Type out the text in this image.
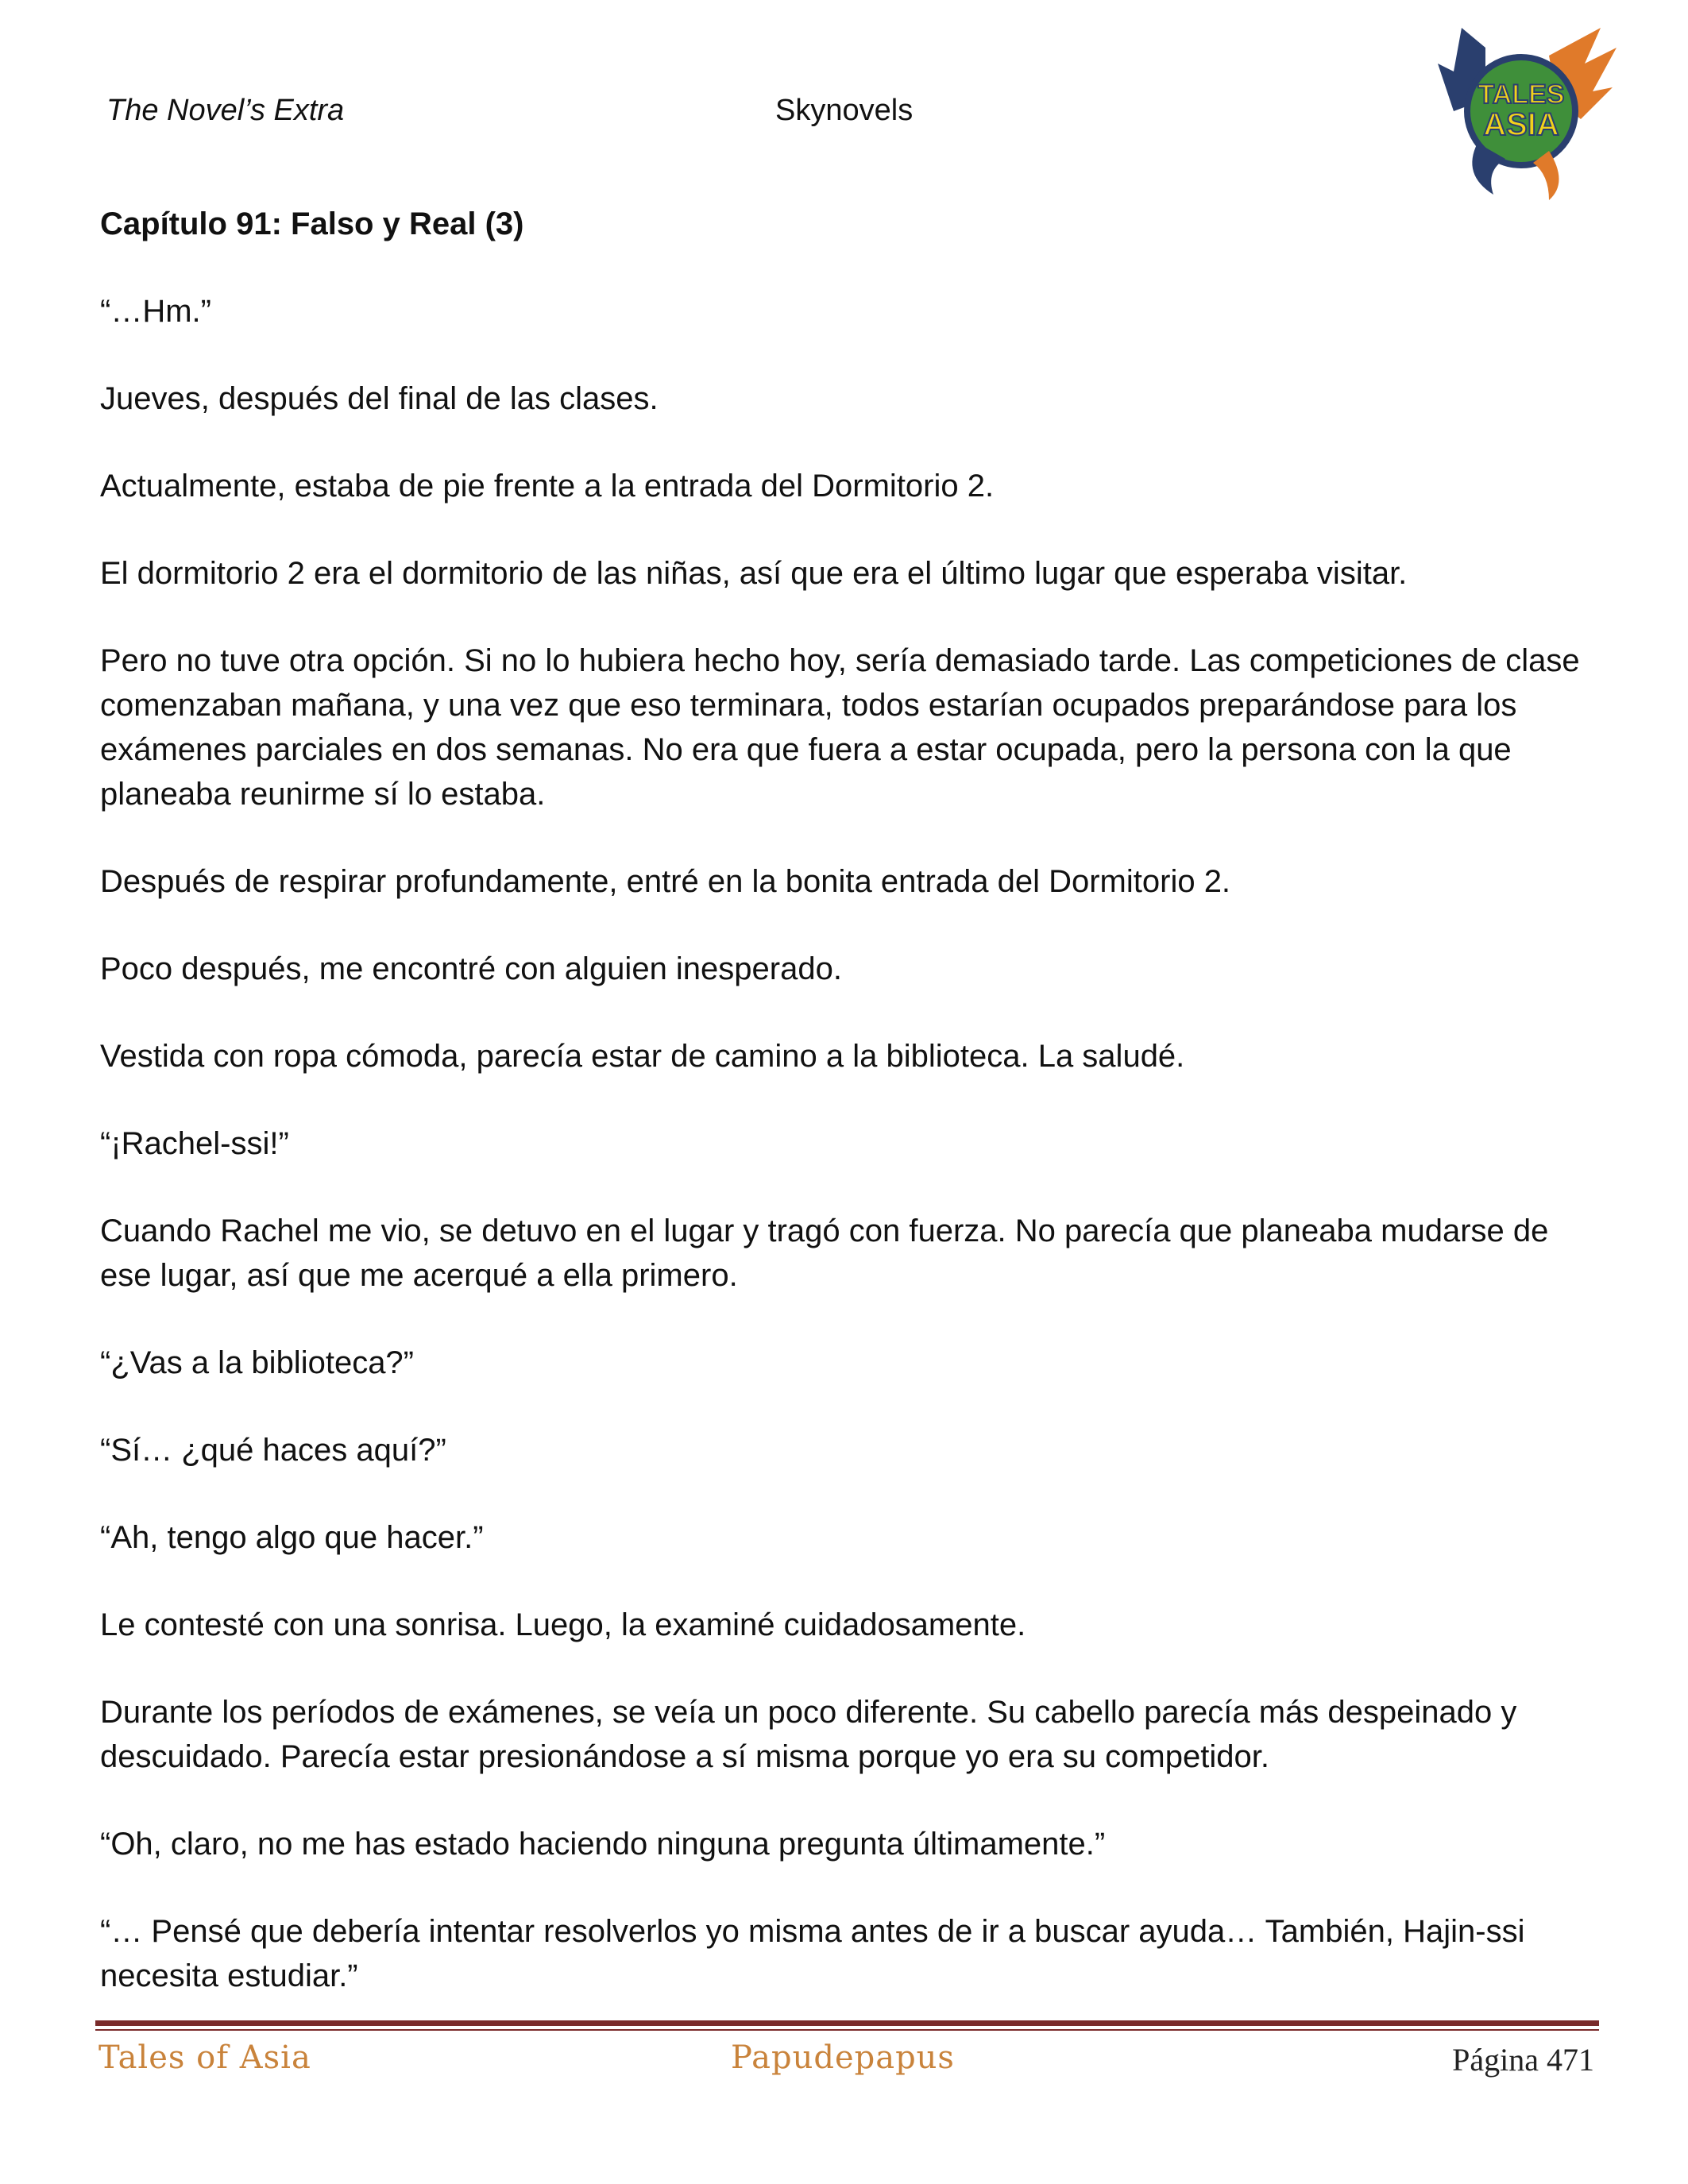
The Novel’s Extra	Skynovels	TALES
ASIA

Capítulo 91: Falso y Real (3)

“…Hm.”

Jueves, después del final de las clases.

Actualmente, estaba de pie frente a la entrada del Dormitorio 2.

El dormitorio 2 era el dormitorio de las niñas, así que era el último lugar que esperaba visitar.

Pero no tuve otra opción. Si no lo hubiera hecho hoy, sería demasiado tarde. Las competiciones de clase comenzaban mañana, y una vez que eso terminara, todos estarían ocupados preparándose para los exámenes parciales en dos semanas. No era que fuera a estar ocupada, pero la persona con la que planeaba reunirme sí lo estaba.

Después de respirar profundamente, entré en la bonita entrada del Dormitorio 2.

Poco después, me encontré con alguien inesperado.

Vestida con ropa cómoda, parecía estar de camino a la biblioteca. La saludé.

“¡Rachel-ssi!”

Cuando Rachel me vio, se detuvo en el lugar y tragó con fuerza. No parecía que planeaba mudarse de ese lugar, así que me acerqué a ella primero.

“¿Vas a la biblioteca?”

“Sí… ¿qué haces aquí?”

“Ah, tengo algo que hacer.”

Le contesté con una sonrisa. Luego, la examiné cuidadosamente.

Durante los períodos de exámenes, se veía un poco diferente. Su cabello parecía más despeinado y descuidado. Parecía estar presionándose a sí misma porque yo era su competidor.

“Oh, claro, no me has estado haciendo ninguna pregunta últimamente.”

“… Pensé que debería intentar resolverlos yo misma antes de ir a buscar ayuda… También, Hajin-ssi necesita estudiar.”

Tales of Asia	Papudepapus	Página 471
